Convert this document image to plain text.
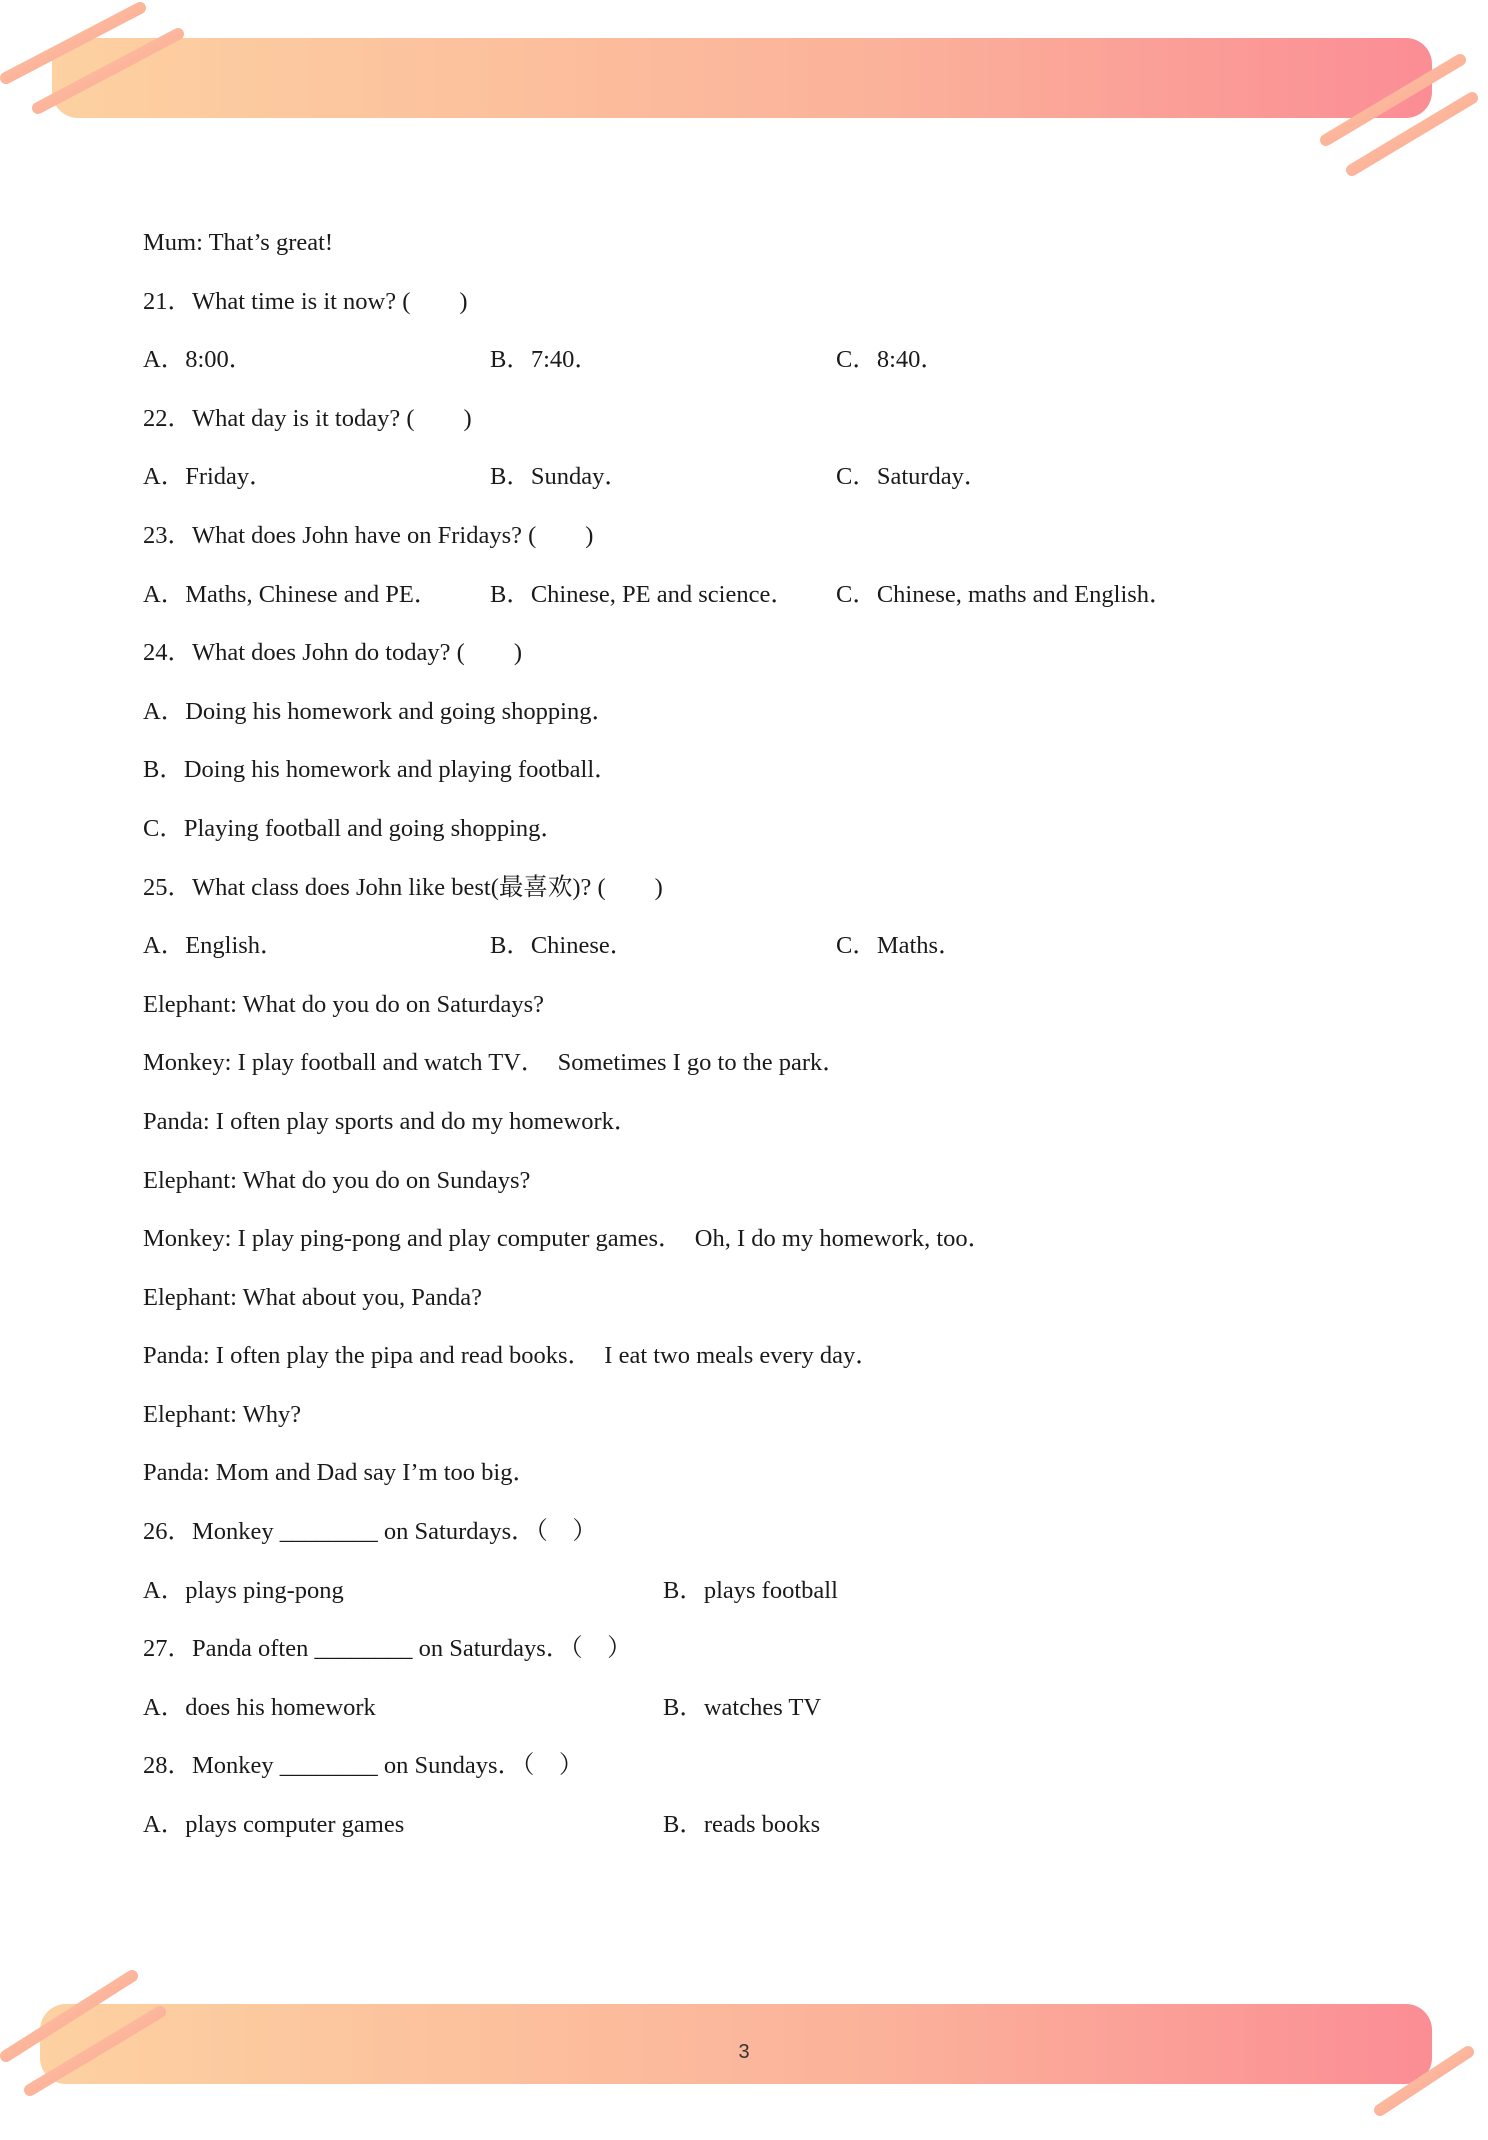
Mum: That’s great!
21．What time is it now? (　　)
A．8:00．	B．7:40．	C．8:40．
22．What day is it today? (　　)
A．Friday．	B．Sunday．	C．Saturday．
23．What does John have on Fridays? (　　)
A．Maths, Chinese and PE． B．Chinese, PE and science． C．Chinese, maths and English．
24．What does John do today? (　　)
A．Doing his homework and going shopping．
B．Doing his homework and playing football．
C．Playing football and going shopping．
25．What class does John like best(最喜欢)? (　　)
A．English．	B．Chinese．	C．Maths．
Elephant: What do you do on Saturdays?
Monkey: I play football and watch TV．  Sometimes I go to the park．
Panda: I often play sports and do my homework．
Elephant: What do you do on Sundays?
Monkey: I play ping-pong and play computer games．  Oh, I do my homework, too．
Elephant: What about you, Panda?
Panda: I often play the pipa and read books．  I eat two meals every day．
Elephant: Why?
Panda: Mom and Dad say I’m too big．
26．Monkey ________ on Saturdays．（　）
A．plays ping-pong	B．plays football
27．Panda often ________ on Saturdays．（　）
A．does his homework	B．watches TV
28．Monkey ________ on Sundays．（　）
A．plays computer games	B．reads books
3
